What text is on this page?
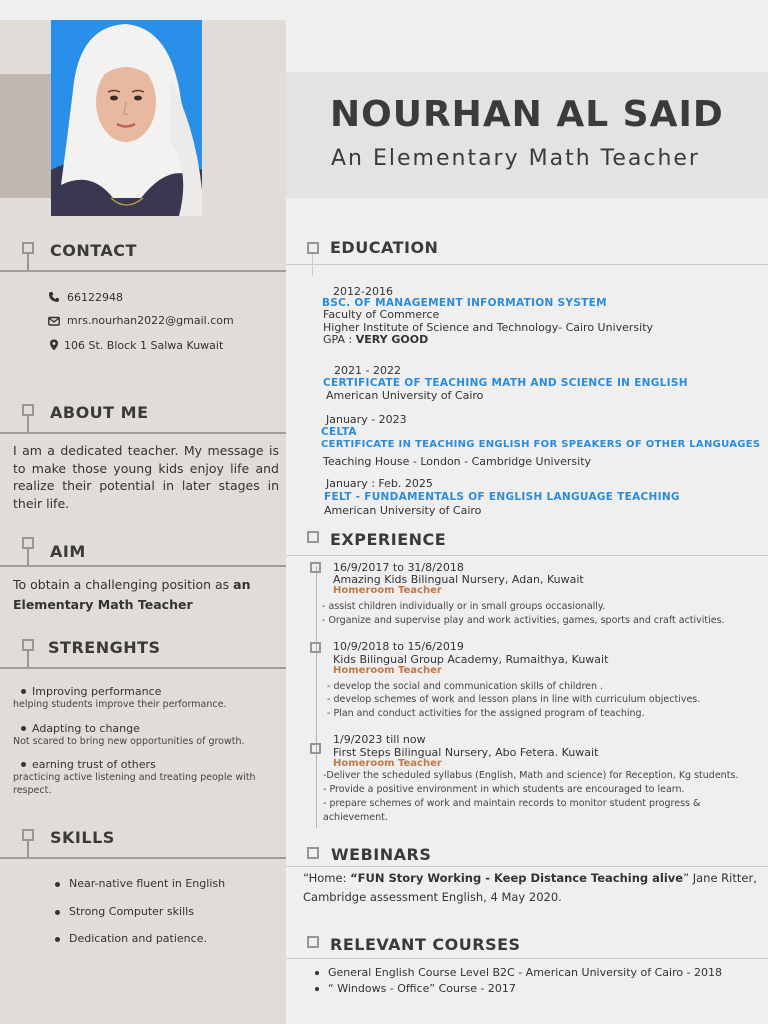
NOURHAN AL SAID
An Elementary Math Teacher
CONTACT
66122948
mrs.nourhan2022@gmail.com
106 St. Block 1 Salwa Kuwait
ABOUT ME
I am a dedicated teacher. My message is to make those young kids enjoy life and realize their potential in later stages in their life.
AIM
To obtain a challenging position as an
Elementary Math Teacher
STRENGHTS
Improving performance
helping students improve their performance.
Adapting to change
Not scared to bring new opportunities of growth.
earning trust of others
practicing active listening and treating people with
respect.
SKILLS
Near-native fluent in English
Strong Computer skills
Dedication and patience.
EDUCATION
2012-2016
BSC. OF MANAGEMENT INFORMATION SYSTEM
Faculty of Commerce
Higher Institute of Science and Technology- Cairo University
GPA : VERY GOOD
2021 - 2022
CERTIFICATE OF TEACHING MATH AND SCIENCE IN ENGLISH
American University of Cairo
January - 2023
CELTA
CERTIFICATE IN TEACHING ENGLISH FOR SPEAKERS OF OTHER LANGUAGES
Teaching House - London - Cambridge University
January : Feb. 2025
FELT - FUNDAMENTALS OF ENGLISH LANGUAGE TEACHING
American University of Cairo
EXPERIENCE
16/9/2017 to 31/8/2018
Amazing Kids Bilingual Nursery, Adan, Kuwait
Homeroom Teacher
- assist children individually or in small groups occasionally.
- Organize and supervise play and work activities, games, sports and craft activities.
10/9/2018 to 15/6/2019
Kids Bilingual Group Academy, Rumaithya, Kuwait
Homeroom Teacher
- develop the social and communication skills of children .
- develop schemes of work and lesson plans in line with curriculum objectives.
- Plan and conduct activities for the assigned program of teaching.
1/9/2023 till now
First Steps Bilingual Nursery, Abo Fetera. Kuwait
Homeroom Teacher
-Deliver the scheduled syllabus (English, Math and science) for Reception, Kg students.
- Provide a positive environment in which students are encouraged to learn.
- prepare schemes of work and maintain records to monitor student progress &
achievement.
WEBINARS
“Home: “FUN Story Working - Keep Distance Teaching alive” Jane Ritter,
Cambridge assessment English, 4 May 2020.
RELEVANT COURSES
General English Course Level B2C - American University of Cairo - 2018
“ Windows - Office” Course - 2017
